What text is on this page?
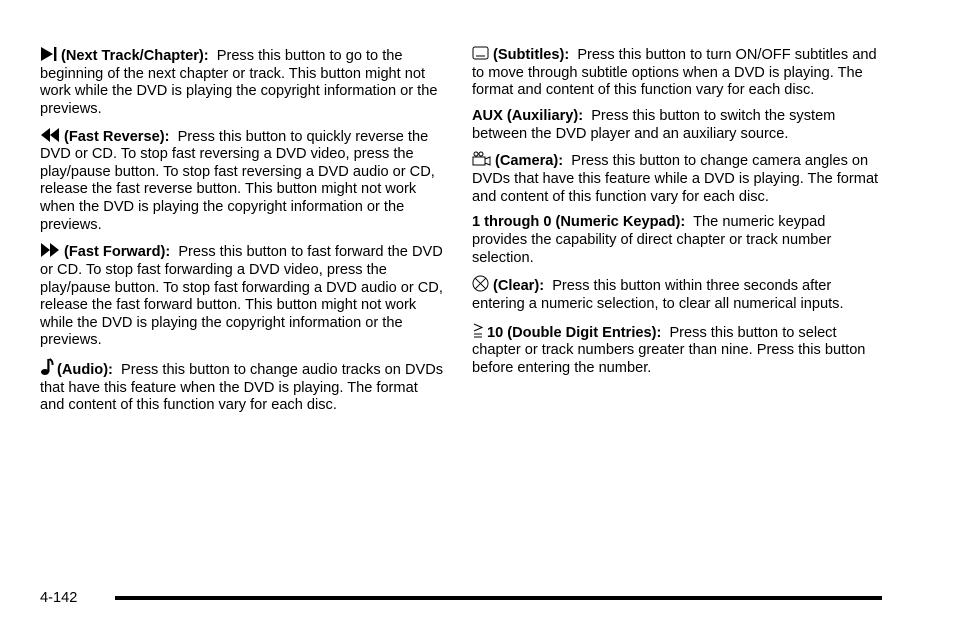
(Next Track/Chapter): Press this button to go to the beginning of the next chapter or track. This button might not work while the DVD is playing the copyright information or the previews.

(Fast Reverse): Press this button to quickly reverse the DVD or CD. To stop fast reversing a DVD video, press the play/pause button. To stop fast reversing a DVD audio or CD, release the fast reverse button. This button might not work when the DVD is playing the copyright information or the previews.

(Fast Forward): Press this button to fast forward the DVD or CD. To stop fast forwarding a DVD video, press the play/pause button. To stop fast forwarding a DVD audio or CD, release the fast forward button. This button might not work while the DVD is playing the copyright information or the previews.

(Audio): Press this button to change audio tracks on DVDs that have this feature when the DVD is playing. The format and content of this function vary for each disc.

(Subtitles): Press this button to turn ON/OFF subtitles and to move through subtitle options when a DVD is playing. The format and content of this function vary for each disc.

AUX (Auxiliary): Press this button to switch the system between the DVD player and an auxiliary source.

(Camera): Press this button to change camera angles on DVDs that have this feature while a DVD is playing. The format and content of this function vary for each disc.

1 through 0 (Numeric Keypad): The numeric keypad provides the capability of direct chapter or track number selection.

(Clear): Press this button within three seconds after entering a numeric selection, to clear all numerical inputs.

10 (Double Digit Entries): Press this button to select chapter or track numbers greater than nine. Press this button before entering the number.

4-142
